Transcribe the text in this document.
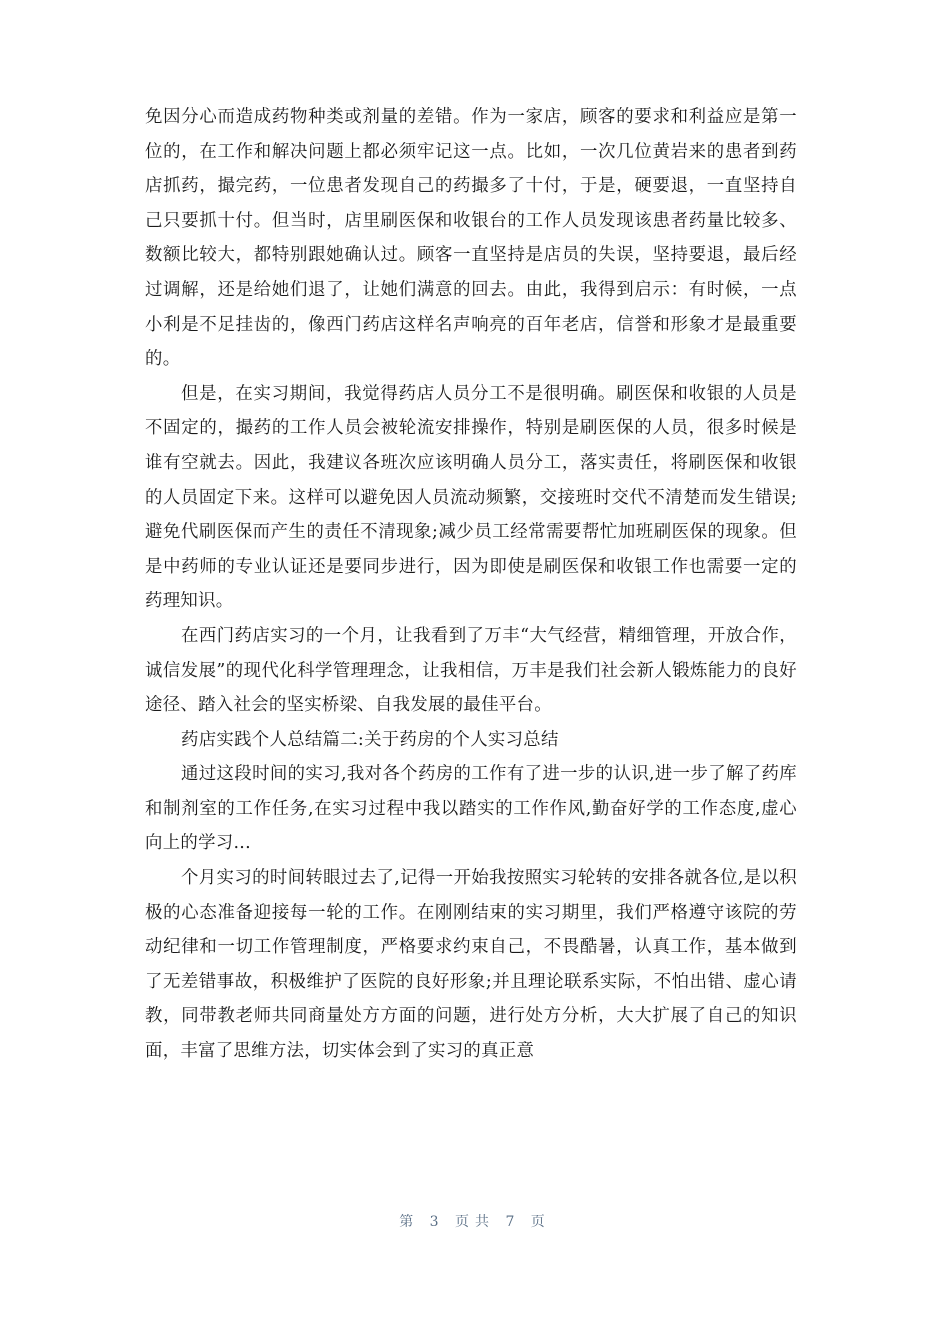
免因分心而造成药物种类或剂量的差错。作为一家店，顾客的要求和利益应是第一位的，在工作和解决问题上都必须牢记这一点。比如，一次几位黄岩来的患者到药店抓药，撮完药，一位患者发现自己的药撮多了十付，于是，硬要退，一直坚持自己只要抓十付。但当时，店里刷医保和收银台的工作人员发现该患者药量比较多、数额比较大，都特别跟她确认过。顾客一直坚持是店员的失误，坚持要退，最后经过调解，还是给她们退了，让她们满意的回去。由此，我得到启示：有时候，一点小利是不足挂齿的，像西门药店这样名声响亮的百年老店，信誉和形象才是最重要的。

但是，在实习期间，我觉得药店人员分工不是很明确。刷医保和收银的人员是不固定的，撮药的工作人员会被轮流安排操作，特别是刷医保的人员，很多时候是谁有空就去。因此，我建议各班次应该明确人员分工，落实责任，将刷医保和收银的人员固定下来。这样可以避免因人员流动频繁，交接班时交代不清楚而发生错误;避免代刷医保而产生的责任不清现象;减少员工经常需要帮忙加班刷医保的现象。但是中药师的专业认证还是要同步进行，因为即使是刷医保和收银工作也需要一定的药理知识。

在西门药店实习的一个月，让我看到了万丰“大气经营，精细管理，开放合作，诚信发展”的现代化科学管理理念，让我相信，万丰是我们社会新人锻炼能力的良好途径、踏入社会的坚实桥梁、自我发展的最佳平台。

药店实践个人总结篇二:关于药房的个人实习总结

通过这段时间的实习,我对各个药房的工作有了进一步的认识,进一步了解了药库和制剂室的工作任务,在实习过程中我以踏实的工作作风,勤奋好学的工作态度,虚心向上的学习...

个月实习的时间转眼过去了,记得一开始我按照实习轮转的安排各就各位,是以积极的心态准备迎接每一轮的工作。在刚刚结束的实习期里，我们严格遵守该院的劳动纪律和一切工作管理制度，严格要求约束自己，不畏酷暑，认真工作，基本做到了无差错事故，积极维护了医院的良好形象;并且理论联系实际，不怕出错、虚心请教，同带教老师共同商量处方方面的问题，进行处方分析，大大扩展了自己的知识面，丰富了思维方法，切实体会到了实习的真正意

第 3 页共 7 页
